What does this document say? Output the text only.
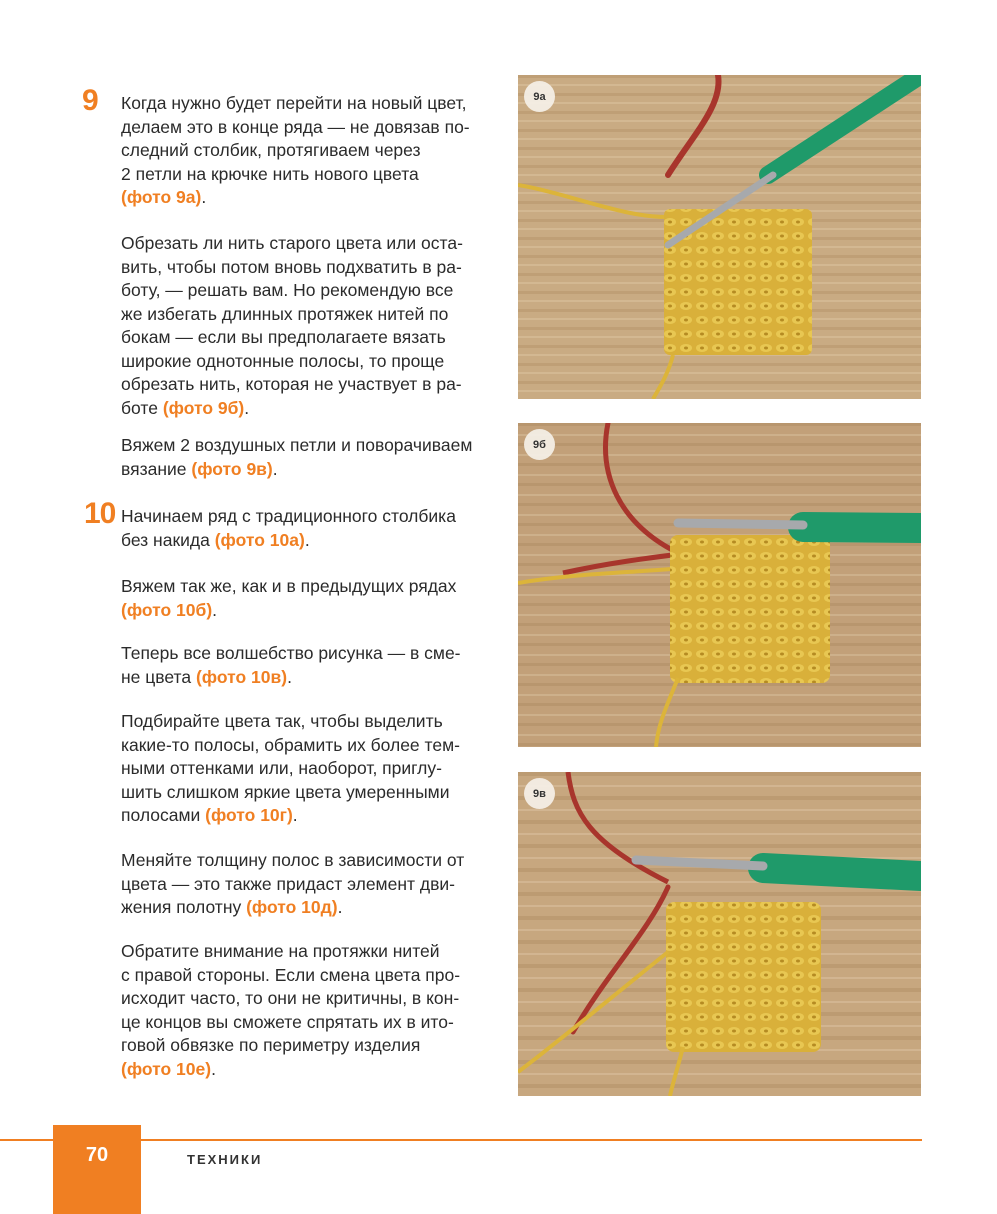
9
10

Когда нужно будет перейти на новый цвет,
делаем это в конце ряда — не довязав по-
следний столбик, протягиваем через
2 петли на крючке нить нового цвета
(фото 9а).

Обрезать ли нить старого цвета или оста-
вить, чтобы потом вновь подхватить в ра-
боту, — решать вам. Но рекомендую все
же избегать длинных протяжек нитей по
бокам — если вы предполагаете вязать
широкие однотонные полосы, то проще
обрезать нить, которая не участвует в ра-
боте (фото 9б).

Вяжем 2 воздушных петли и поворачиваем
вязание (фото 9в).

Начинаем ряд с традиционного столбика
без накида (фото 10а).

Вяжем так же, как и в предыдущих рядах
(фото 10б).

Теперь все волшебство рисунка — в сме-
не цвета (фото 10в).

Подбирайте цвета так, чтобы выделить
какие-то полосы, обрамить их более тем-
ными оттенками или, наоборот, приглу-
шить слишком яркие цвета умеренными
полосами (фото 10г).

Меняйте толщину полос в зависимости от
цвета — это также придаст элемент дви-
жения полотну (фото 10д).

Обратите внимание на протяжки нитей
с правой стороны. Если смена цвета про-
исходит часто, то они не критичны, в кон-
це концов вы сможете спрятать их в ито-
говой обвязке по периметру изделия
(фото 10е).

9а
9б
9в
70	ТЕХНИКИ
